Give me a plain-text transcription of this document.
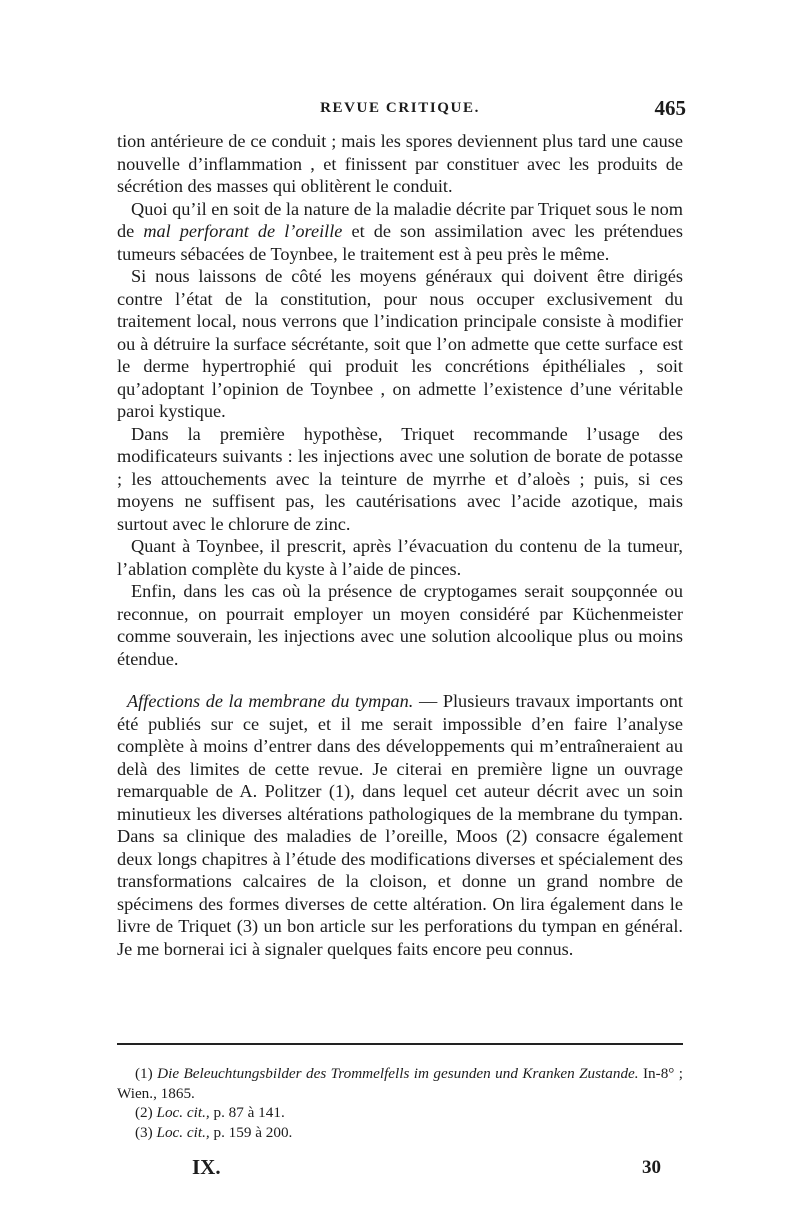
REVUE CRITIQUE.	465

tion antérieure de ce conduit ; mais les spores deviennent plus tard une cause nouvelle d’inflammation , et finissent par constituer avec les produits de sécrétion des masses qui oblitèrent le conduit.

Quoi qu’il en soit de la nature de la maladie décrite par Triquet sous le nom de mal perforant de l’oreille et de son assimilation avec les prétendues tumeurs sébacées de Toynbee, le traitement est à peu près le même.

Si nous laissons de côté les moyens généraux qui doivent être dirigés contre l’état de la constitution, pour nous occuper exclusivement du traitement local, nous verrons que l’indication principale consiste à modifier ou à détruire la surface sécrétante, soit que l’on admette que cette surface est le derme hypertrophié qui produit les concrétions épithéliales , soit qu’adoptant l’opinion de Toynbee , on admette l’existence d’une véritable paroi kystique.

Dans la première hypothèse, Triquet recommande l’usage des modificateurs suivants : les injections avec une solution de borate de potasse ; les attouchements avec la teinture de myrrhe et d’aloès ; puis, si ces moyens ne suffisent pas, les cautérisations avec l’acide azotique, mais surtout avec le chlorure de zinc.

Quant à Toynbee, il prescrit, après l’évacuation du contenu de la tumeur, l’ablation complète du kyste à l’aide de pinces.

Enfin, dans les cas où la présence de cryptogames serait soupçonnée ou reconnue, on pourrait employer un moyen considéré par Küchenmeister comme souverain, les injections avec une solution alcoolique plus ou moins étendue.

Affections de la membrane du tympan. — Plusieurs travaux importants ont été publiés sur ce sujet, et il me serait impossible d’en faire l’analyse complète à moins d’entrer dans des développements qui m’entraîneraient au delà des limites de cette revue. Je citerai en première ligne un ouvrage remarquable de A. Politzer (1), dans lequel cet auteur décrit avec un soin minutieux les diverses altérations pathologiques de la membrane du tympan. Dans sa clinique des maladies de l’oreille, Moos (2) consacre également deux longs chapitres à l’étude des modifications diverses et spécialement des transformations calcaires de la cloison, et donne un grand nombre de spécimens des formes diverses de cette altération. On lira également dans le livre de Triquet (3) un bon article sur les perforations du tympan en général. Je me bornerai ici à signaler quelques faits encore peu connus.

(1) Die Beleuchtungsbilder des Trommelfells im gesunden und Kranken Zustande. In-8° ; Wien., 1865.

(2) Loc. cit., p. 87 à 141.

(3) Loc. cit., p. 159 à 200.

IX.	30
